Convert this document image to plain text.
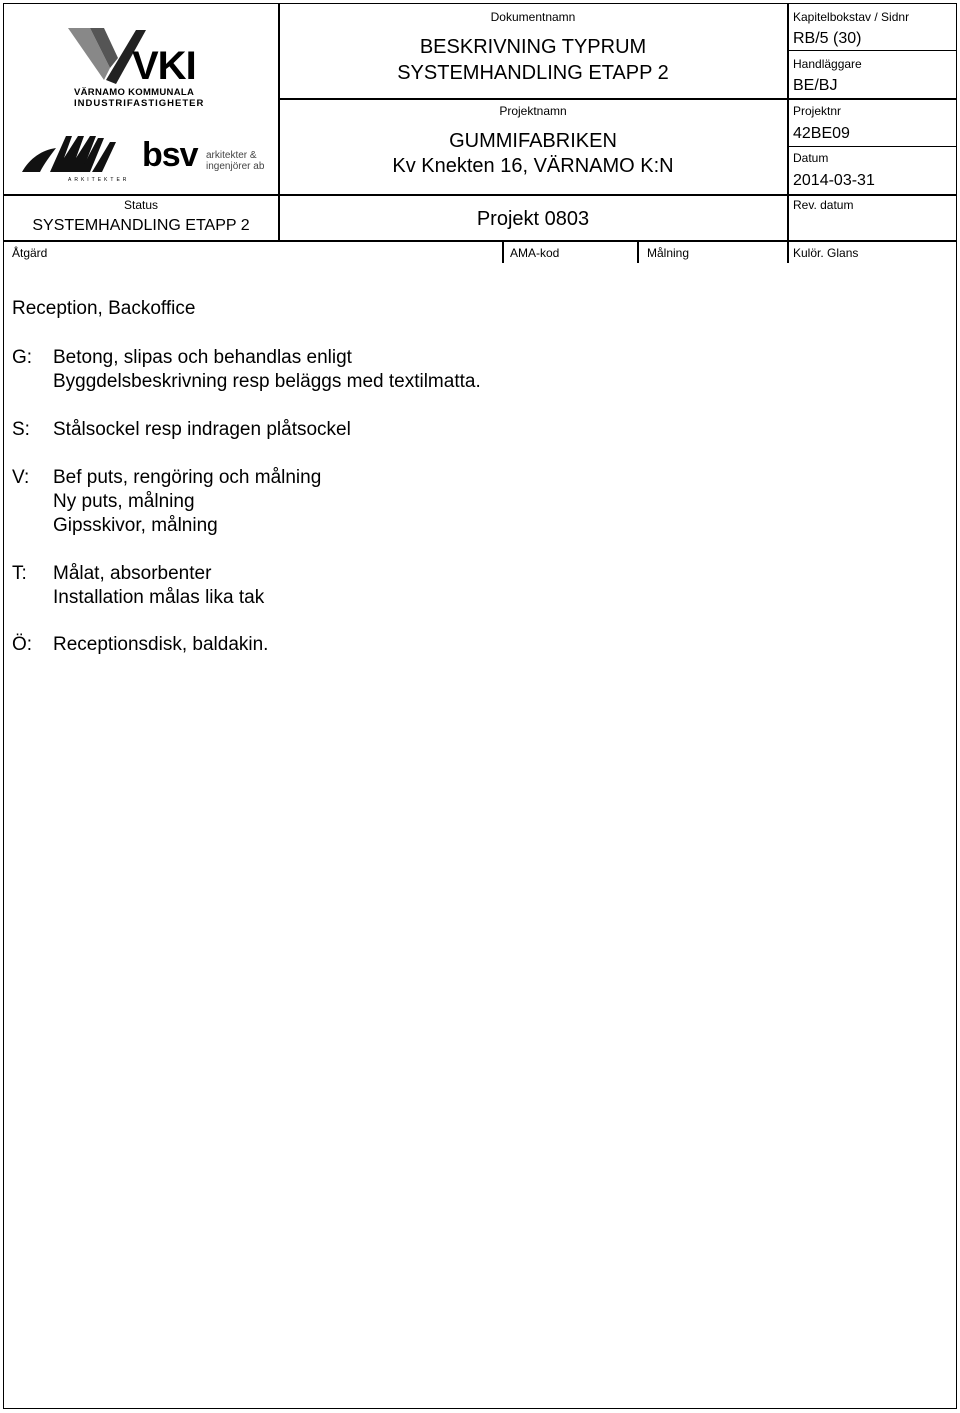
VKI
VÄRNAMO KOMMUNALA
INDUSTRIFASTIGHETER
ARKITEKTER
bsv arkitekter &
ingenjörer ab
Status
SYSTEMHANDLING ETAPP 2
Dokumentnamn
BESKRIVNING TYPRUM
SYSTEMHANDLING ETAPP 2
Projektnamn
GUMMIFABRIKEN
Kv Knekten 16, VÄRNAMO K:N
Projekt 0803
Kapitelbokstav / Sidnr
RB/5 (30)
Handläggare
BE/BJ
Projektnr
42BE09
Datum
2014-03-31
Rev. datum
Åtgärd	AMA-kod	Målning	Kulör. Glans
Reception, Backoffice
G:	Betong, slipas och behandlas enligt
Byggdelsbeskrivning resp beläggs med textilmatta.
S:	Stålsockel resp indragen plåtsockel
V:	Bef puts, rengöring och målning
Ny puts, målning
Gipsskivor, målning
T:	Målat, absorbenter
Installation målas lika tak
Ö:	Receptionsdisk, baldakin.
